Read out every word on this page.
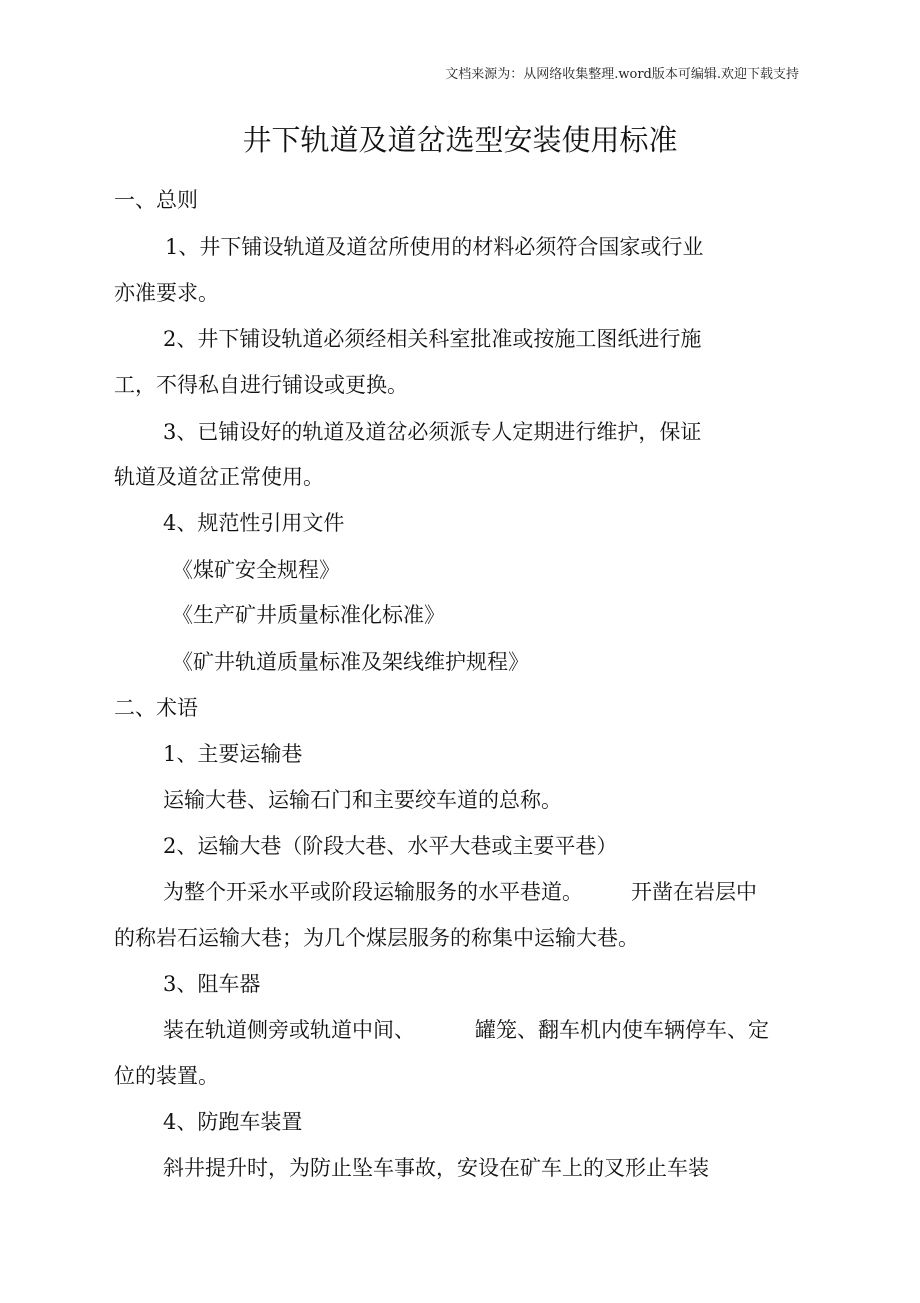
文档来源为：从网络收集整理.word版本可编辑.欢迎下载支持
井下轨道及道岔选型安装使用标准
一、总则
1、井下铺设轨道及道岔所使用的材料必须符合国家或行业
亦准要求。
2、井下铺设轨道必须经相关科室批准或按施工图纸进行施
工，不得私自进行铺设或更换。
3、已铺设好的轨道及道岔必须派专人定期进行维护，保证
轨道及道岔正常使用。
4、规范性引用文件
《煤矿安全规程》
《生产矿井质量标准化标准》
《矿井轨道质量标准及架线维护规程》
二、术语
1、主要运输巷
运输大巷、运输石门和主要绞车道的总称。
2、运输大巷（阶段大巷、水平大巷或主要平巷）
为整个开采水平或阶段运输服务的水平巷道。 开凿在岩层中
的称岩石运输大巷；为几个煤层服务的称集中运输大巷。
3、阻车器
装在轨道侧旁或轨道中间、	罐笼、翻车机内使车辆停车、定
位的装置。
4、防跑车装置
斜井提升时，为防止坠车事故，安设在矿车上的叉形止车装
